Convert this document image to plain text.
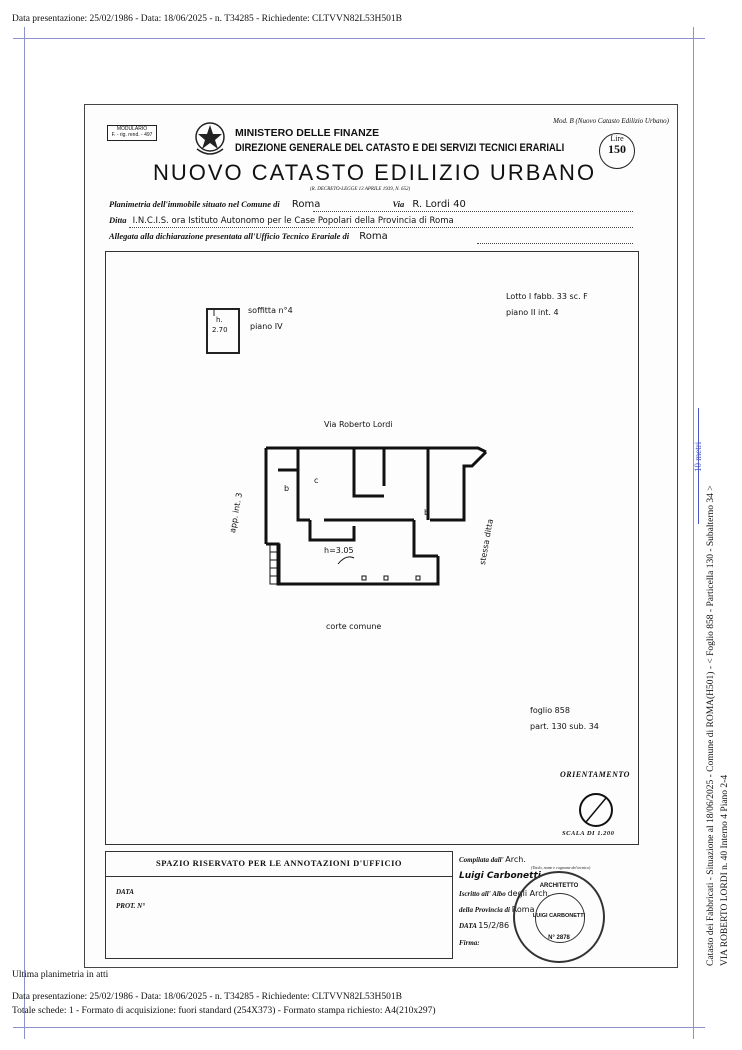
Data presentazione: 25/02/1986 - Data: 18/06/2025 - n. T34285 - Richiedente: CLTVVN82L53H501B
Mod. B (Nuovo Catasto Edilizio Urbano)
MODULARIO
F. - rig. rend. - 497	MINISTERO DELLE FINANZE
DIREZIONE GENERALE DEL CATASTO E DEI SERVIZI TECNICI ERARIALI
Lire
150
NUOVO CATASTO EDILIZIO URBANO
(R. DECRETO-LEGGE 13 APRILE 1939, N. 652)
Planimetria dell'immobile situato nel Comune di Roma	Via R. Lordi 40
Ditta I.N.C.I.S. ora Istituto Autonomo per le Case Popolari della Provincia di Roma
Allegata alla dichiarazione presentata all'Ufficio Tecnico Erariale di Roma
h.
2.70
soffitta n°4
piano IV
Lotto I fabb. 33 sc. F
piano II int. 4
Via Roberto Lordi
b
c
b
h=3.05
app. int. 3
stessa ditta
corte comune
foglio 858
part. 130 sub. 34
ORIENTAMENTO
SCALA DI 1.200
SPAZIO RISERVATO PER LE ANNOTAZIONI D'UFFICIO
DATA
PROT. N°
Compilata dall' Arch.
(Titolo, nome e cognome del tecnico)
Luigi Carbonetti
Iscritto all' Albo degli Arch.
della Provincia di Roma
DATA 15/2/86
Firma:
ARCHITETTO
LUIGI CARBONETTI
N° 2878
10 metri
Catasto dei Fabbricati - Situazione al 18/06/2025 - Comune di ROMA(H501) - < Foglio 858 - Particella 130 - Subalterno 34 > VIA ROBERTO LORDI n. 40 Interno 4 Piano 2-4
Ultima planimetria in atti
Data presentazione: 25/02/1986 - Data: 18/06/2025 - n. T34285 - Richiedente: CLTVVN82L53H501B
Totale schede: 1 - Formato di acquisizione: fuori standard (254X373) - Formato stampa richiesto: A4(210x297)
